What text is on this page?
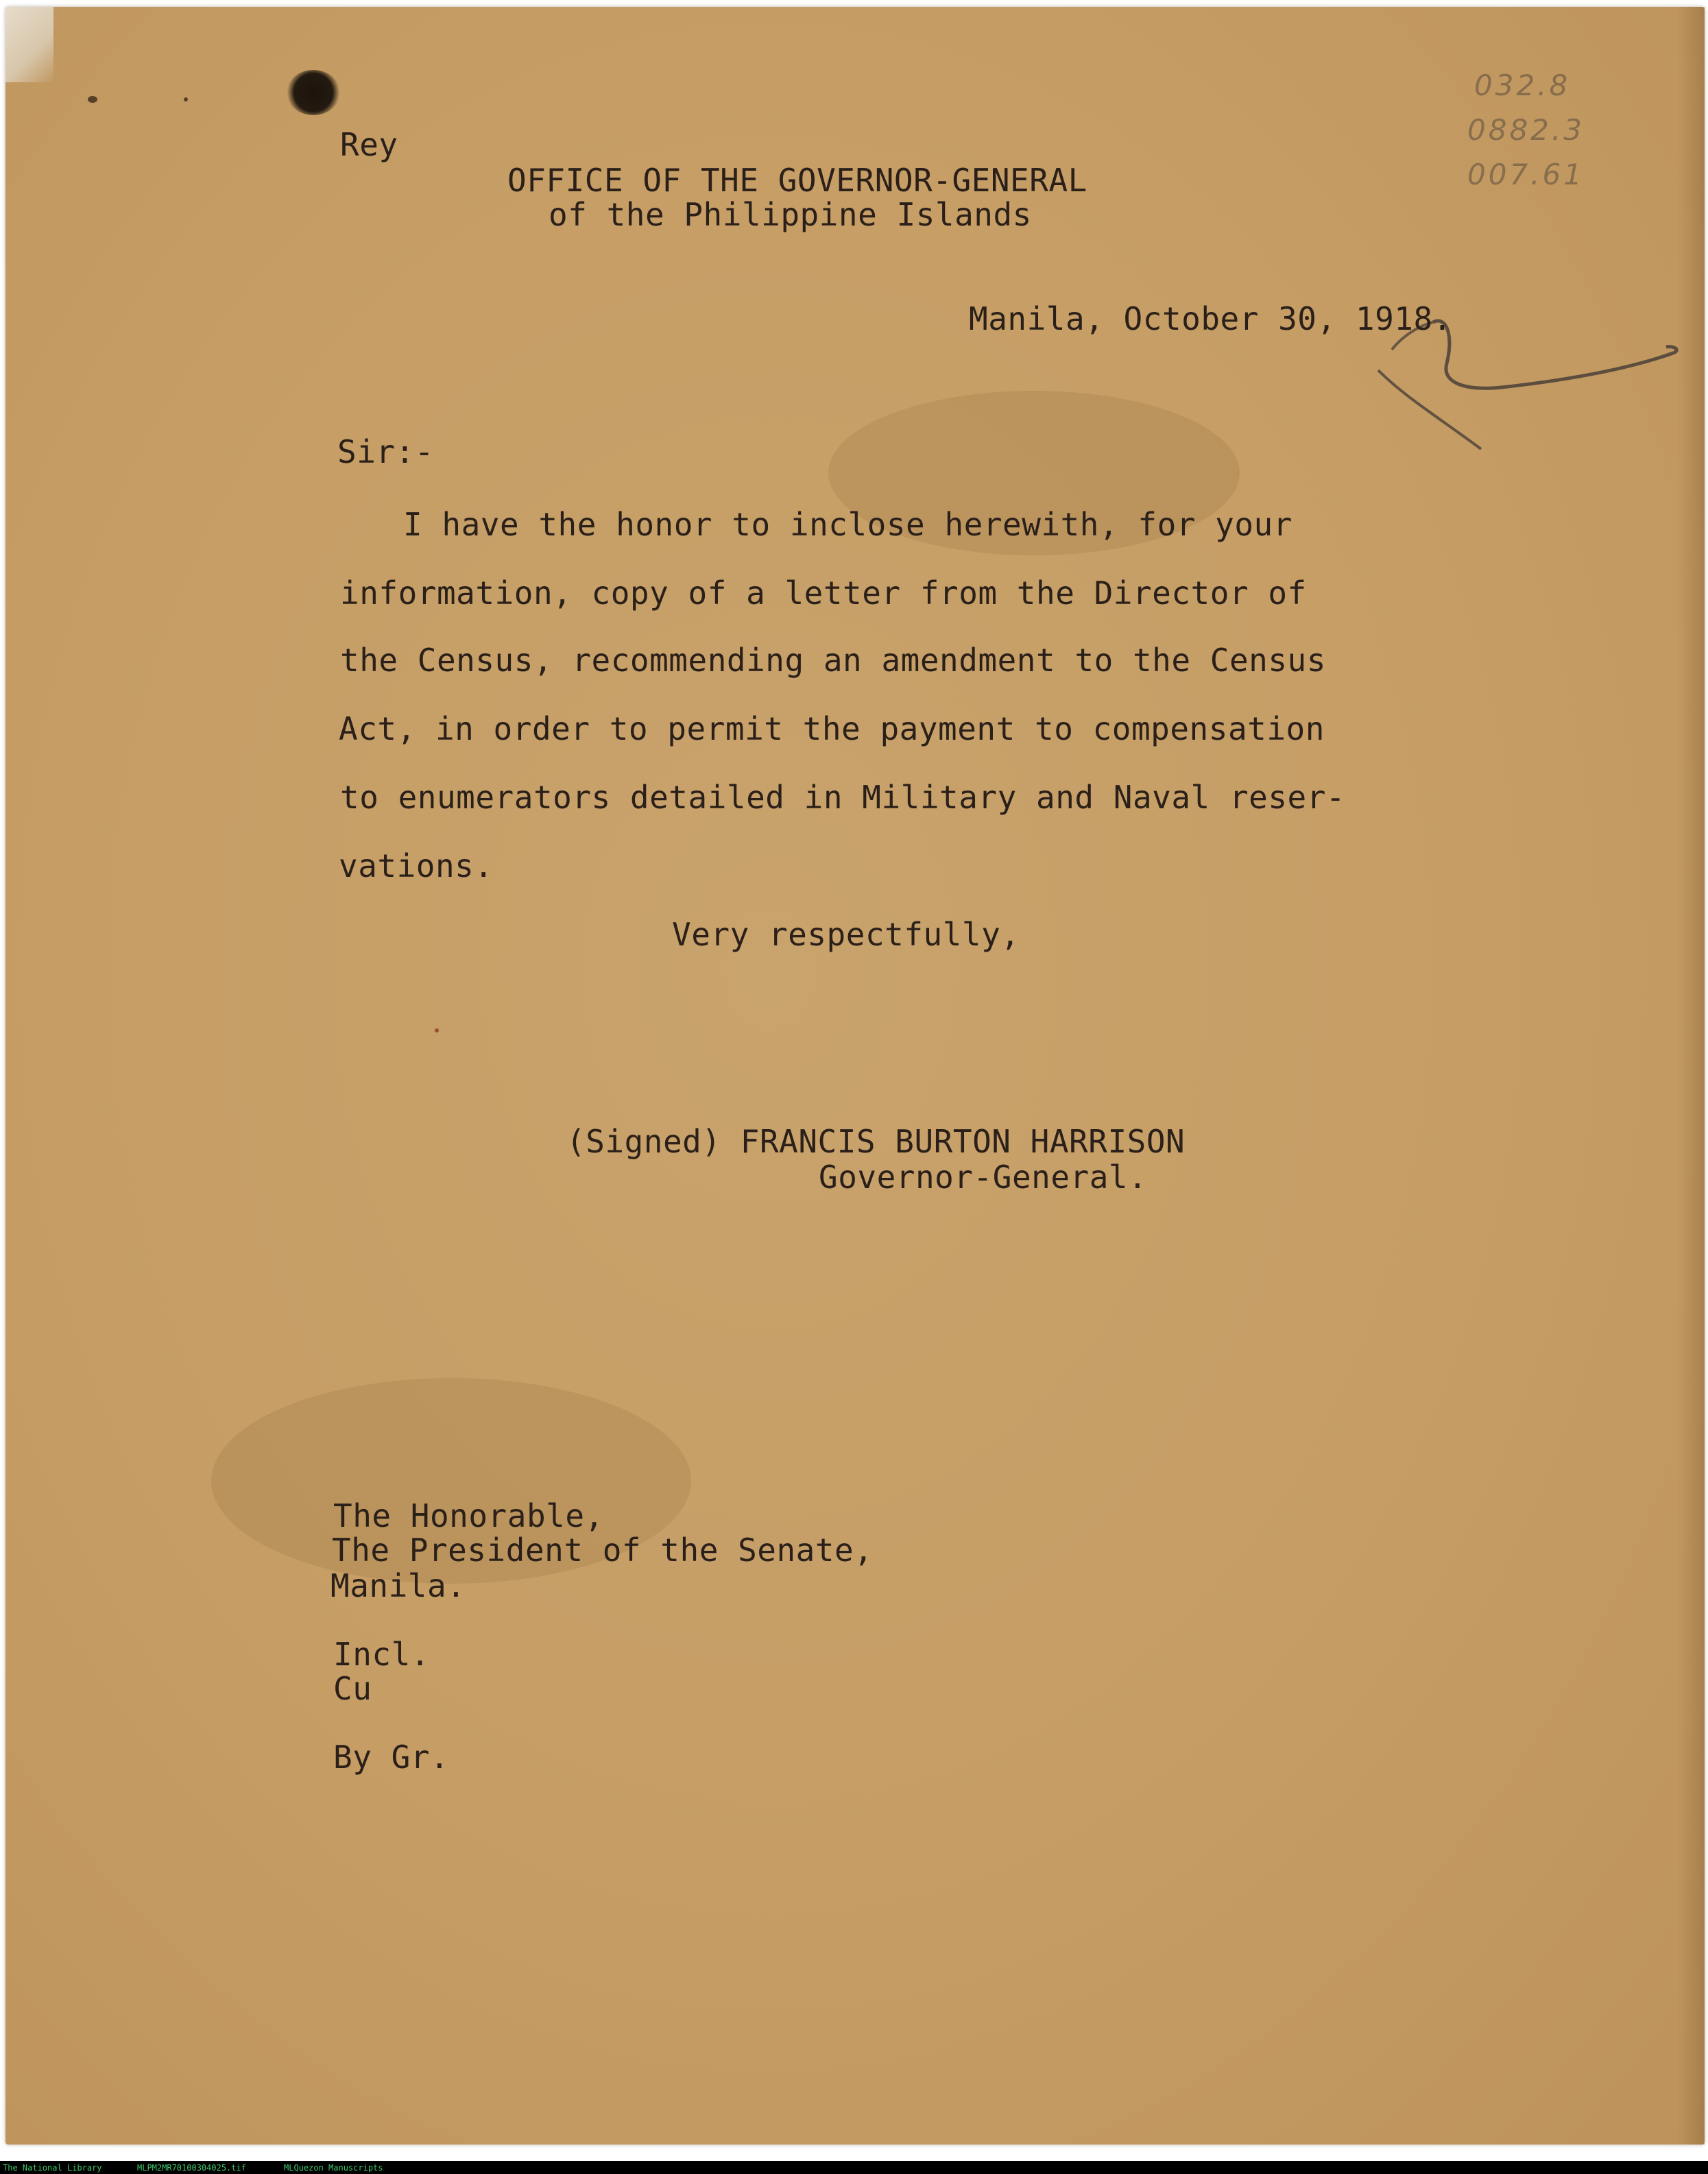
032.8
0882.3
007.61
Rey
OFFICE OF THE GOVERNOR-GENERAL
of the Philippine Islands
Manila, October 30, 1918.
Sir:-
I have the honor to inclose herewith, for your
information, copy of a letter from the Director of
the Census, recommending an amendment to the Census
Act, in order to permit the payment to compensation
to enumerators detailed in Military and Naval reser-
vations.
Very respectfully,
(Signed) FRANCIS BURTON HARRISON
Governor-General.
The Honorable,
The President of the Senate,
Manila.
Incl.
Cu
By Gr.
The National Library	MLPM2MR70100304025.tif	MLQuezon Manuscripts
